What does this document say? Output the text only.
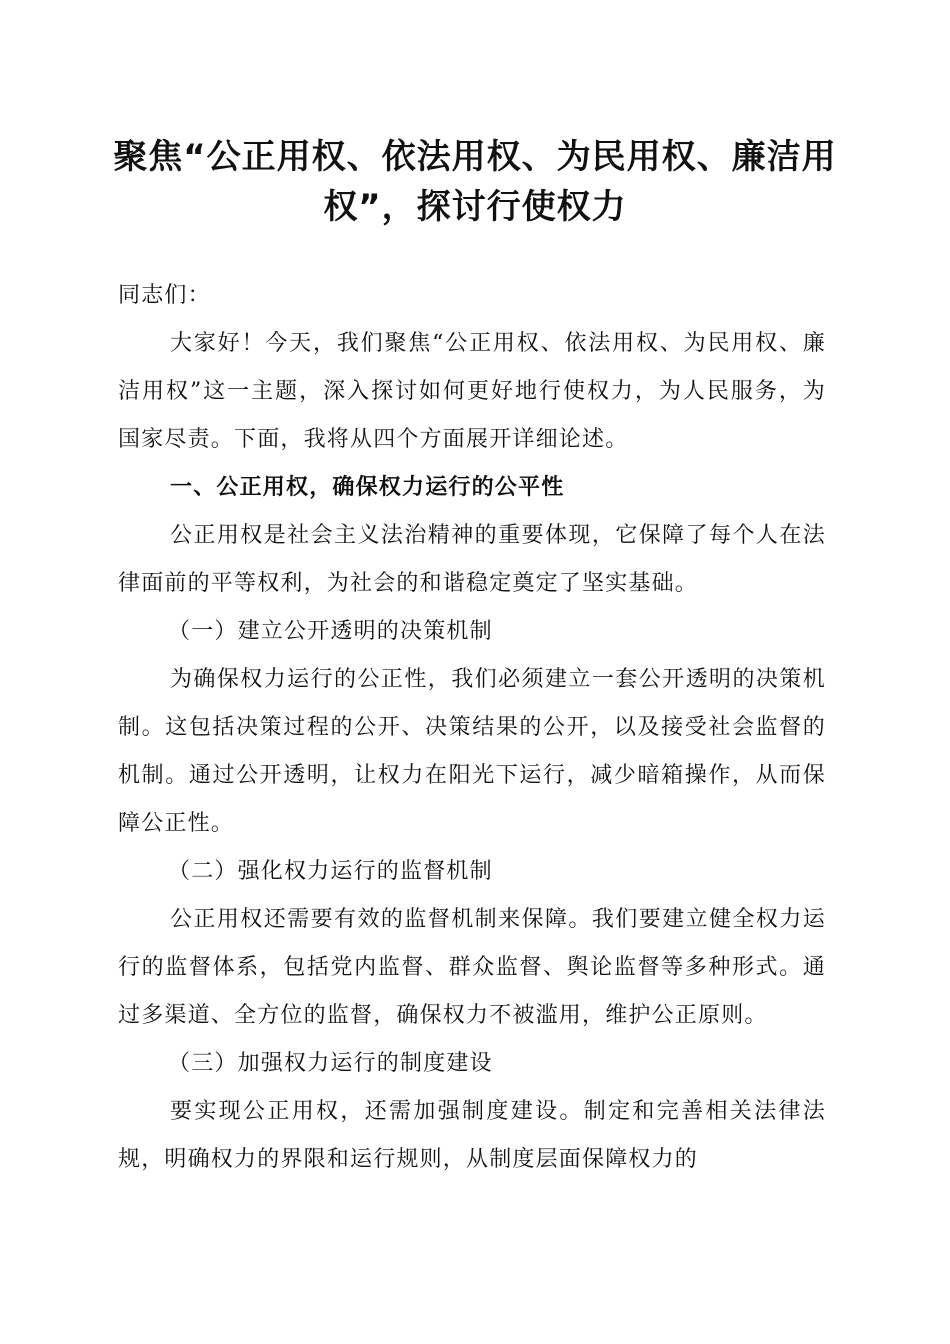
聚焦“公正用权、依法用权、为民用权、廉洁用权”，探讨行使权力

同志们：

大家好！今天，我们聚焦“公正用权、依法用权、为民用权、廉洁用权”这一主题，深入探讨如何更好地行使权力，为人民服务，为国家尽责。下面，我将从四个方面展开详细论述。

一、公正用权，确保权力运行的公平性

公正用权是社会主义法治精神的重要体现，它保障了每个人在法律面前的平等权利，为社会的和谐稳定奠定了坚实基础。

（一）建立公开透明的决策机制

为确保权力运行的公正性，我们必须建立一套公开透明的决策机制。这包括决策过程的公开、决策结果的公开，以及接受社会监督的机制。通过公开透明，让权力在阳光下运行，减少暗箱操作，从而保障公正性。

（二）强化权力运行的监督机制

公正用权还需要有效的监督机制来保障。我们要建立健全权力运行的监督体系，包括党内监督、群众监督、舆论监督等多种形式。通过多渠道、全方位的监督，确保权力不被滥用，维护公正原则。

（三）加强权力运行的制度建设

要实现公正用权，还需加强制度建设。制定和完善相关法律法规，明确权力的界限和运行规则，从制度层面保障权力的
